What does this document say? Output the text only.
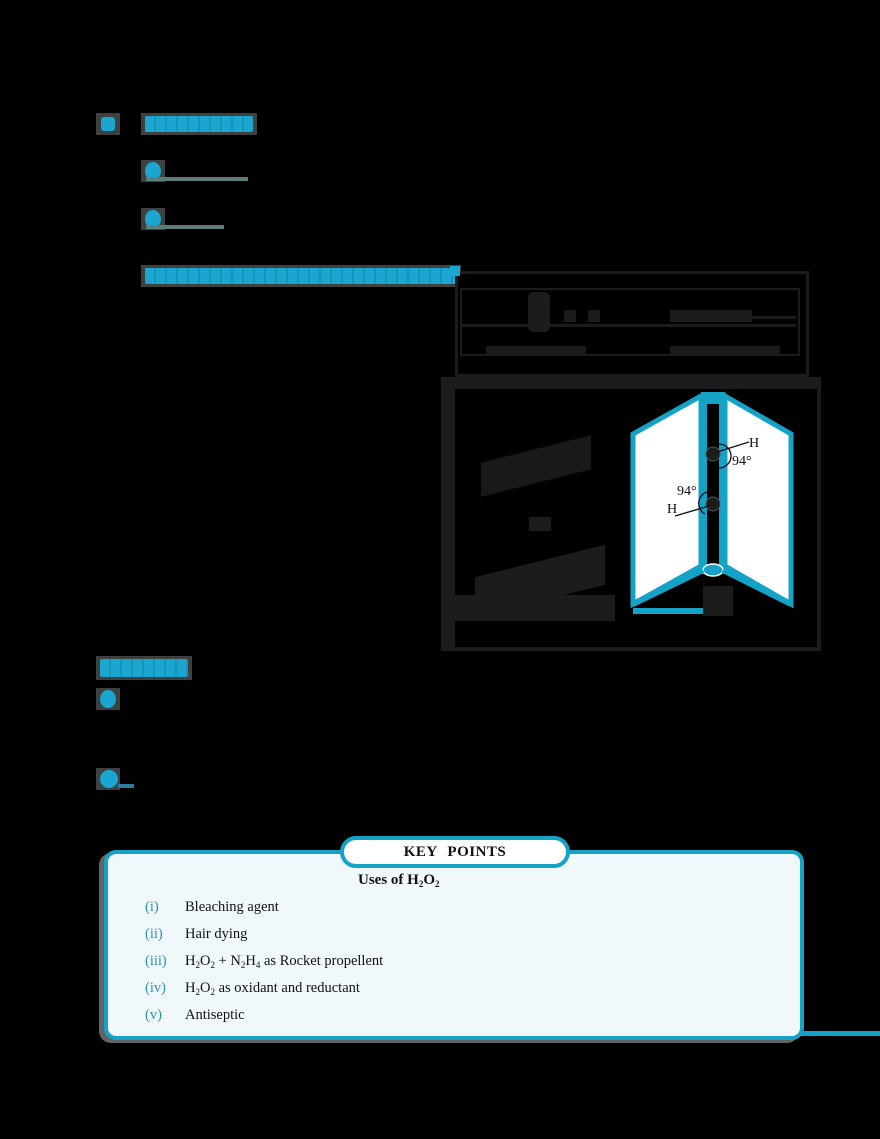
H
94°
94°
H
KEY POINTS
Uses of $H_2O_2$
(i) Bleaching agent
(ii) Hair dying
(iii) $H_2O_2 + N_2H_4$ as Rocket propellent
(iv) $H_2O_2$ as oxidant and reductant
(v) Antiseptic
